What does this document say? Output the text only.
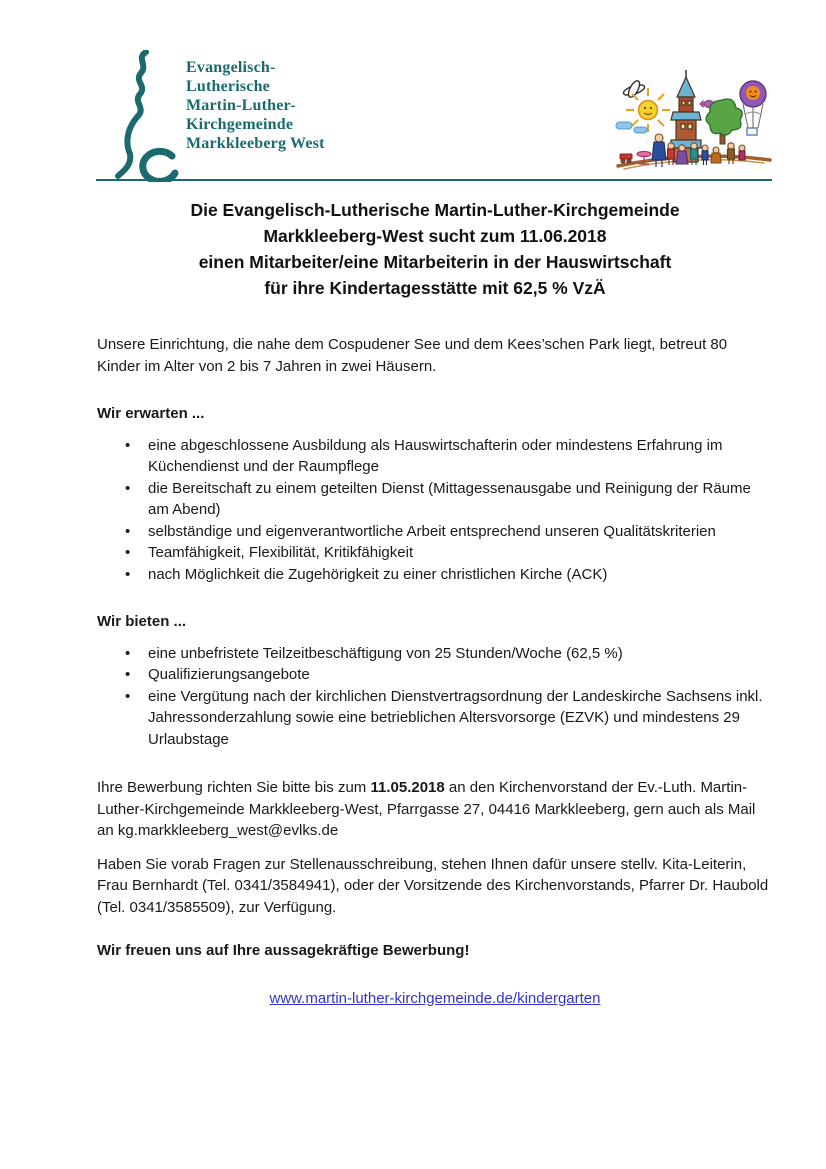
Evangelisch-
Lutherische
Martin-Luther-
Kirchgemeinde
Markkleeberg West
Die Evangelisch-Lutherische Martin-Luther-Kirchgemeinde
Markkleeberg-West sucht zum 11.06.2018
einen Mitarbeiter/eine Mitarbeiterin in der Hauswirtschaft
für ihre Kindertagesstätte mit 62,5 % VzÄ

Unsere Einrichtung, die nahe dem Cospudener See und dem Kees’schen Park liegt, betreut 80 Kinder im Alter von 2 bis 7 Jahren in zwei Häusern.

Wir erwarten ...

• eine abgeschlossene Ausbildung als Hauswirtschafterin oder mindestens Erfahrung im Küchendienst und der Raumpflege
• die Bereitschaft zu einem geteilten Dienst (Mittagessenausgabe und Reinigung der Räume am Abend)
• selbständige und eigenverantwortliche Arbeit entsprechend unseren Qualitätskriterien
• Teamfähigkeit, Flexibilität, Kritikfähigkeit
• nach Möglichkeit die Zugehörigkeit zu einer christlichen Kirche (ACK)

Wir bieten ...

• eine unbefristete Teilzeitbeschäftigung von 25 Stunden/Woche (62,5 %)
• Qualifizierungsangebote
• eine Vergütung nach der kirchlichen Dienstvertragsordnung der Landeskirche Sachsens inkl. Jahressonderzahlung sowie eine betrieblichen Altersvorsorge (EZVK) und mindestens 29 Urlaubstage

Ihre Bewerbung richten Sie bitte bis zum 11.05.2018 an den Kirchenvorstand der Ev.-Luth. Martin-Luther-Kirchgemeinde Markkleeberg-West, Pfarrgasse 27, 04416 Markkleeberg, gern auch als Mail an kg.markkleeberg_west@evlks.de

Haben Sie vorab Fragen zur Stellenausschreibung, stehen Ihnen dafür unsere stellv. Kita-Leiterin, Frau Bernhardt (Tel. 0341/3584941), oder der Vorsitzende des Kirchenvorstands, Pfarrer Dr. Haubold (Tel. 0341/3585509), zur Verfügung.

Wir freuen uns auf Ihre aussagekräftige Bewerbung!

www.martin-luther-kirchgemeinde.de/kindergarten
